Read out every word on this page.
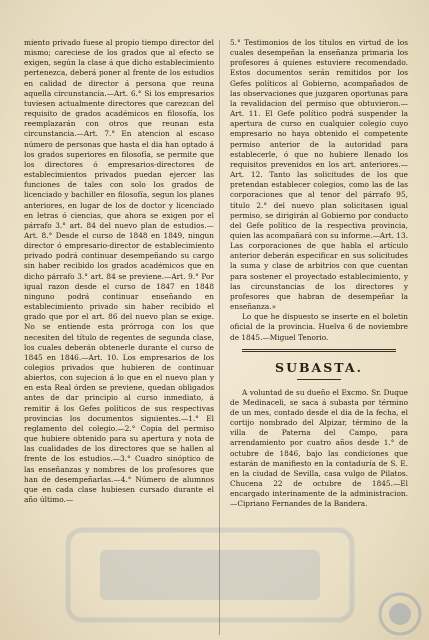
miento privado fuese al propio tiempo director del mismo; careciese de los grados que al efecto se exigen, según la clase á que dicho establecimiento pertenezca, deberá poner al frente de los estudios en calidad de director á persona que reuna aquella circunstancia.—Art. 6.° Si los empresarios tuviesen actualmente directores que carezcan del requisito de grados académicos en filosofía, los reemplazarán con otros que reunan esta circunstancia.—Art. 7.° En atencion al escaso número de personas que hasta el dia han optado á los grados superiores en filosofía, se permite que los directores ó empresarios-directores de establecimientos privados puedan ejercer las funciones de tales con solo los grados de licenciado y bachiller en filosofía, segun los planes anteriores, en lugar de los de doctor y licenciado en letras ó ciencias, que ahora se exigen por el párrafo 3.° art. 84 del nuevo plan de estudios.—Art. 8.° Desde el curso de 1848 en 1849, ningun director ó empresario-director de establecimiento privado podrá continuar desempeñando su cargo sin haber recibido los grados académicos que en dicho párrafo 3.° art. 84 se previene.—Art. 9.° Por igual razon desde el curso de 1847 en 1848 ninguno podrá continuar enseñando en establecimiento privado sin haber recibido el grado que por el art. 86 del nuevo plan se exige. No se entiende esta prórroga con los que necesiten del título de regentes de segunda clase, los cuales deberán obtenerle durante el curso de 1845 en 1846.—Art. 10. Los empresarios de los colegios privados que hubieren de continuar abiertos, con sujecion á lo que en el nuevo plan y en esta Real órden se previene, quedan obligados antes de dar principio al curso inmediato, á remitir á los Gefes políticos de sus respectivas provincias los documentos siguientes.—1.° El reglamento del colegio.—2.° Copia del permiso que hubiere obtenido para su apertura y nota de las cualidades de los directores que se hallen al frente de los estudios.—3.° Cuadro sinóptico de las enseñanzas y nombres de los profesores que han de desempeñarlas.—4.° Número de alumnos que en cada clase hubiesen cursado durante el año último.—

5.° Testimonios de los títulos en virtud de los cuales desempeñan la enseñanza primaria los profesores á quienes estuviere recomendado. Estos documentos serán remitidos por los Gefes políticos al Gobierno, acompañados de las observaciones que juzgaren oportunas para la revalidacion del permiso que obtuvieron.—Art. 11. El Gefe político podrá suspender la apertura de curso en cualquier colegio cuyo empresario no haya obtenido el competente permiso anterior de la autoridad para establecerle, ó que no hubiere llenado los requisitos prevenidos en los art. anteriores.—Art. 12. Tanto las solicitudes de los que pretendan establecer colegios, como las de las corporaciones que al tenor del párrafo 95, título 2.° del nuevo plan solicitasen igual permiso, se dirigirán al Gobierno por conducto del Gefe político de la respectiva provincia, quien las acompañará con su informe.—Art. 13. Las corporaciones de que habla el artículo anterior deberán especificar en sus solicitudes la suma y clase de arbitrios con que cuentan para sostener el proyectado establecimiento, y las circunstancias de los directores y profesores que habran de desempeñar la enseñanza.»

Lo que he dispuesto se inserte en el boletin oficial de la provincia. Huelva 6 de noviembre de 1845.—Miguel Tenorio.

SUBASTA.

A voluntad de su dueño el Excmo. Sr. Duque de Medinaceli, se saca á subasta por término de un mes, contado desde el dia de la fecha, el cortijo nombrado del Alpizar, término de la villa de Paterna del Campo, para arrendamiento por cuatro años desde 1.° de octubre de 1846, bajo las condiciones que estarán de manifiesto en la contaduría de S. E. en la ciudad de Sevilla, casa vulgo de Pilatos. Chucena 22 de octubre de 1845.—El encargado interinamente de la administracion.—Cipriano Fernandes de la Bandera.
